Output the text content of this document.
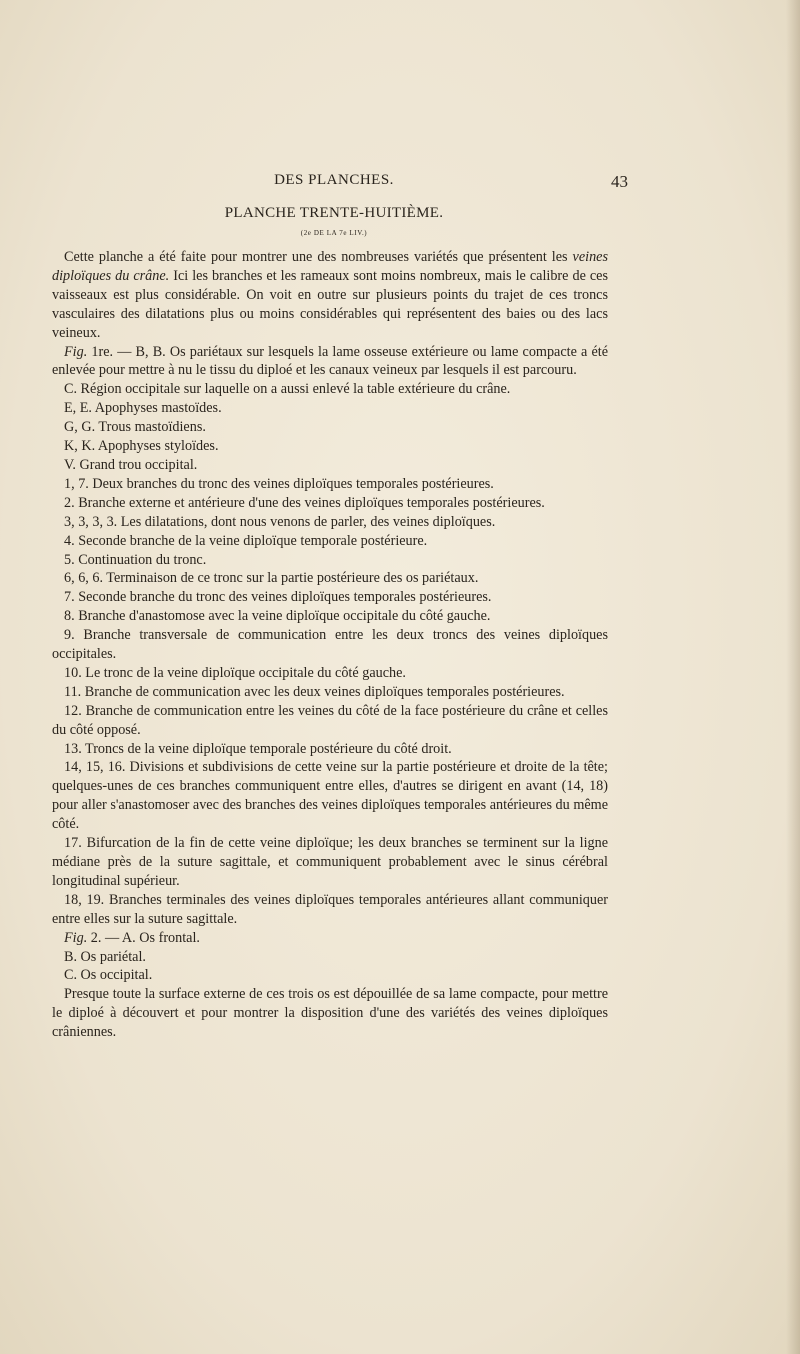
DES PLANCHES.	43
PLANCHE TRENTE-HUITIÈME.
(2e DE LA 7e LIV.)

Cette planche a été faite pour montrer une des nombreuses variétés que présentent les veines diploïques du crâne. Ici les branches et les rameaux sont moins nombreux, mais le calibre de ces vaisseaux est plus considérable. On voit en outre sur plusieurs points du trajet de ces troncs vasculaires des dilatations plus ou moins considérables qui représentent des baies ou des lacs veineux.

Fig. 1re. — B, B. Os pariétaux sur lesquels la lame osseuse extérieure ou lame compacte a été enlevée pour mettre à nu le tissu du diploé et les canaux veineux par lesquels il est parcouru.

C. Région occipitale sur laquelle on a aussi enlevé la table extérieure du crâne.

E, E. Apophyses mastoïdes.

G, G. Trous mastoïdiens.

K, K. Apophyses styloïdes.

V. Grand trou occipital.

1, 7. Deux branches du tronc des veines diploïques temporales postérieures.

2. Branche externe et antérieure d'une des veines diploïques temporales postérieures.

3, 3, 3, 3. Les dilatations, dont nous venons de parler, des veines diploïques.

4. Seconde branche de la veine diploïque temporale postérieure.

5. Continuation du tronc.

6, 6, 6. Terminaison de ce tronc sur la partie postérieure des os pariétaux.

7. Seconde branche du tronc des veines diploïques temporales postérieures.

8. Branche d'anastomose avec la veine diploïque occipitale du côté gauche.

9. Branche transversale de communication entre les deux troncs des veines diploïques occipitales.

10. Le tronc de la veine diploïque occipitale du côté gauche.

11. Branche de communication avec les deux veines diploïques temporales postérieures.

12. Branche de communication entre les veines du côté de la face postérieure du crâne et celles du côté opposé.

13. Troncs de la veine diploïque temporale postérieure du côté droit.

14, 15, 16. Divisions et subdivisions de cette veine sur la partie postérieure et droite de la tête; quelques-unes de ces branches communiquent entre elles, d'autres se dirigent en avant (14, 18) pour aller s'anastomoser avec des branches des veines diploïques temporales antérieures du même côté.

17. Bifurcation de la fin de cette veine diploïque; les deux branches se terminent sur la ligne médiane près de la suture sagittale, et communiquent probablement avec le sinus cérébral longitudinal supérieur.

18, 19. Branches terminales des veines diploïques temporales antérieures allant communiquer entre elles sur la suture sagittale.

Fig. 2. — A. Os frontal.

B. Os pariétal.

C. Os occipital.

Presque toute la surface externe de ces trois os est dépouillée de sa lame compacte, pour mettre le diploé à découvert et pour montrer la disposition d'une des variétés des veines diploïques crâniennes.
